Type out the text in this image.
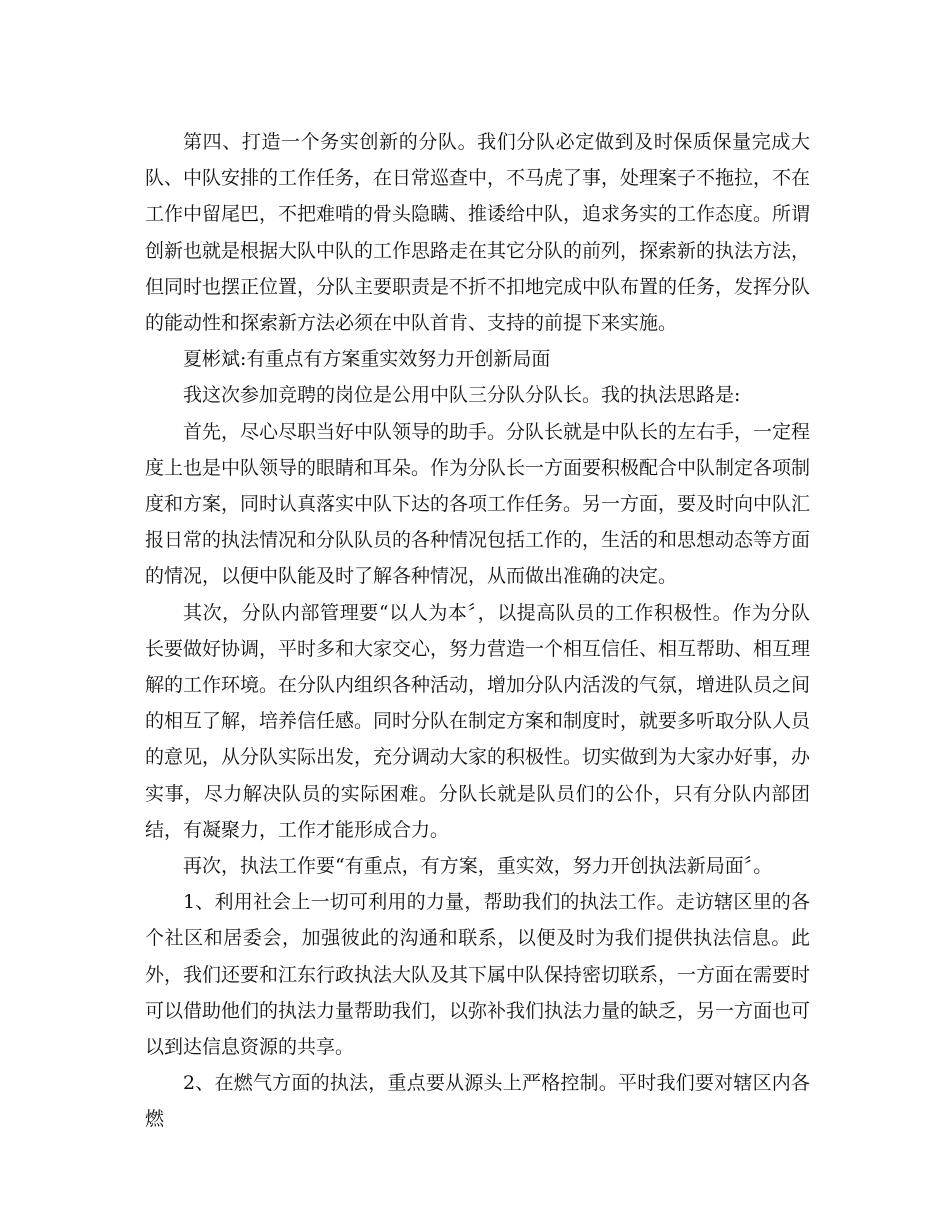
第四、打造一个务实创新的分队。我们分队必定做到及时保质保量完成大队、中队安排的工作任务，在日常巡查中，不马虎了事，处理案子不拖拉，不在工作中留尾巴，不把难啃的骨头隐瞒、推诿给中队，追求务实的工作态度。所谓创新也就是根据大队中队的工作思路走在其它分队的前列，探索新的执法方法，但同时也摆正位置，分队主要职责是不折不扣地完成中队布置的任务，发挥分队的能动性和探索新方法必须在中队首肯、支持的前提下来实施。

夏彬斌:有重点有方案重实效努力开创新局面

我这次参加竞聘的岗位是公用中队三分队分队长。我的执法思路是:

首先，尽心尽职当好中队领导的助手。分队长就是中队长的左右手，一定程度上也是中队领导的眼睛和耳朵。作为分队长一方面要积极配合中队制定各项制度和方案，同时认真落实中队下达的各项工作任务。另一方面，要及时向中队汇报日常的执法情况和分队队员的各种情况包括工作的，生活的和思想动态等方面的情况，以便中队能及时了解各种情况，从而做出准确的决定。

其次，分队内部管理要“以人为本〞，以提高队员的工作积极性。作为分队长要做好协调，平时多和大家交心，努力营造一个相互信任、相互帮助、相互理解的工作环境。在分队内组织各种活动，增加分队内活泼的气氛，增进队员之间的相互了解，培养信任感。同时分队在制定方案和制度时，就要多听取分队人员的意见，从分队实际出发，充分调动大家的积极性。切实做到为大家办好事，办实事，尽力解决队员的实际困难。分队长就是队员们的公仆，只有分队内部团结，有凝聚力，工作才能形成合力。

再次，执法工作要“有重点，有方案，重实效，努力开创执法新局面〞。

1、利用社会上一切可利用的力量，帮助我们的执法工作。走访辖区里的各个社区和居委会，加强彼此的沟通和联系，以便及时为我们提供执法信息。此外，我们还要和江东行政执法大队及其下属中队保持密切联系，一方面在需要时可以借助他们的执法力量帮助我们，以弥补我们执法力量的缺乏，另一方面也可以到达信息资源的共享。

2、在燃气方面的执法，重点要从源头上严格控制。平时我们要对辖区内各燃
